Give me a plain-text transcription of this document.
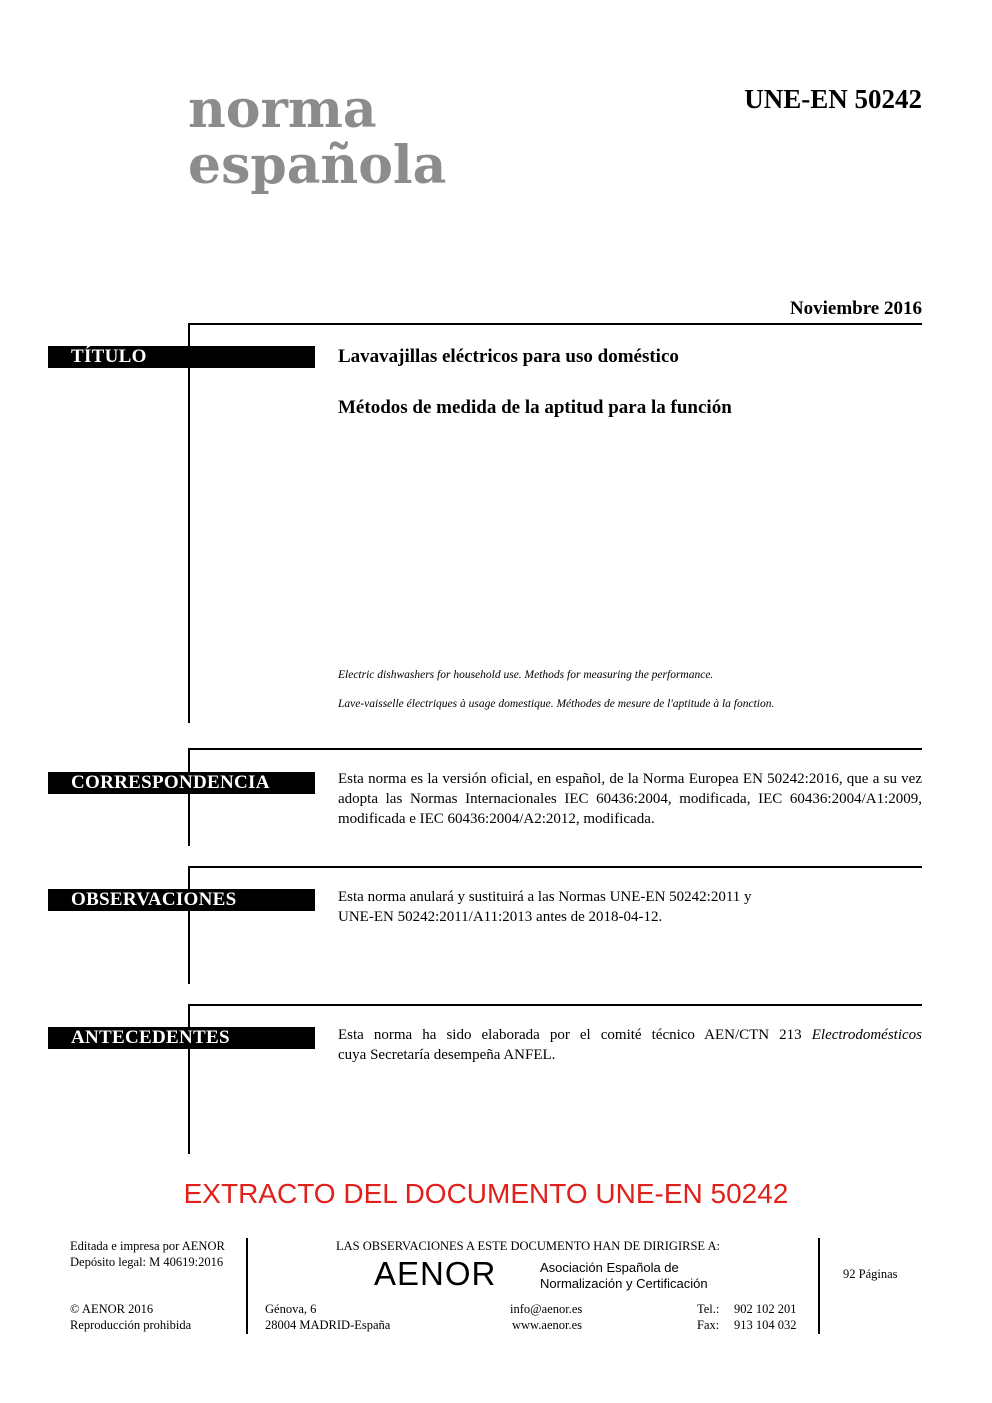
norma
española
UNE-EN 50242
Noviembre 2016
TÍTULO	Lavavajillas eléctricos para uso doméstico
Métodos de medida de la aptitud para la función
Electric dishwashers for household use. Methods for measuring the performance.
Lave-vaisselle électriques à usage domestique. Méthodes de mesure de l'aptitude à la fonction.
CORRESPONDENCIA	Esta norma es la versión oficial, en español, de la Norma Europea EN 50242:2016, que a su vez adopta las Normas Internacionales IEC 60436:2004, modificada, IEC 60436:2004/A1:2009, modificada e IEC 60436:2004/A2:2012, modificada.
OBSERVACIONES	Esta norma anulará y sustituirá a las Normas UNE-EN 50242:2011 y
UNE-EN 50242:2011/A11:2013 antes de 2018-04-12.
ANTECEDENTES	Esta norma ha sido elaborada por el comité técnico AEN/CTN 213 Electrodomésticos
cuya Secretaría desempeña ANFEL.
EXTRACTO DEL DOCUMENTO UNE-EN 50242
Editada e impresa por AENOR
Depósito legal: M 40619:2016
© AENOR 2016
Reproducción prohibida
LAS OBSERVACIONES A ESTE DOCUMENTO HAN DE DIRIGIRSE A:
AENOR	Asociación Española de
Normalización y Certificación
Génova, 6
28004 MADRID-España
info@aenor.es
www.aenor.es
Tel.: 902 102 201
Fax: 913 104 032
92 Páginas
